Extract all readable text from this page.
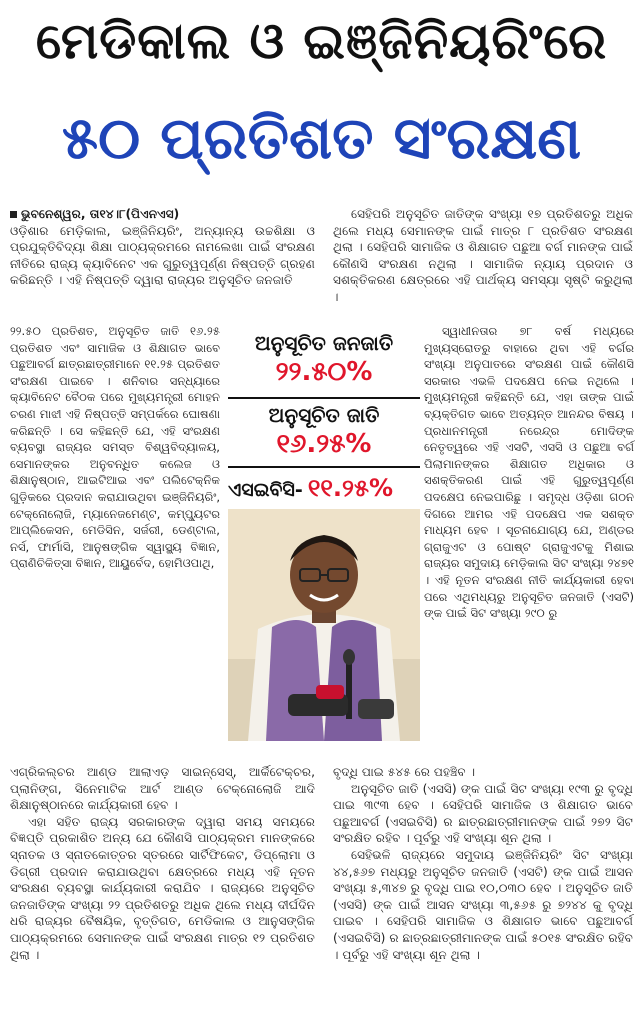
ମେଡିକାଲ ଓ ଇଞ୍ଜିନିୟରିଂରେ
୫୦ ପ୍ରତିଶତ ସଂରକ୍ଷଣ

ଭୁବନେଶ୍ୱର, ତା୧୪।୮(ପିଏନଏସ)

ଓଡ଼ିଶାର ମେଡ଼ିକାଲ, ଇଞ୍ଜିନିୟରିଂ, ଅନ୍ୟାନ୍ୟ ଉଚ୍ଚଶିକ୍ଷା ଓ ପ୍ରଯୁକ୍ତିବିଦ୍ୟା ଶିକ୍ଷା ପାଠ୍ୟକ୍ରମରେ ନାମଲେଖା ପାଇଁ ସଂରକ୍ଷଣ ନୀତିରେ ରାଜ୍ୟ କ୍ୟାବିନେଟ ଏକ ଗୁରୁତ୍ୱପୂର୍ଣ୍ଣ ନିଷ୍ପତ୍ତି ଗ୍ରହଣ କରିଛନ୍ତି । ଏହି ନିଷ୍ପତ୍ତି ଦ୍ୱାରା ରାଜ୍ୟର ଅନୁସୂଚିତ ଜନଜାତି

୨୨.୫୦ ପ୍ରତିଶତ, ଅନୁସୂଚିତ ଜାତି ୧୬.୨୫ ପ୍ରତିଶତ ଏବଂ ସାମାଜିକ ଓ ଶିକ୍ଷାଗତ ଭାବେ ପଛୁଆବର୍ଗ ଛାତ୍ରଛାତ୍ରୀମାନେ ୧୧.୨୫ ପ୍ରତିଶତ ସଂରକ୍ଷଣ ପାଇବେ । ଶନିବାର ସନ୍ଧ୍ୟାରେ କ୍ୟାବିନେଟ ବୈଠକ ପରେ ମୁଖ୍ୟମନ୍ତ୍ରୀ ମୋହନ ଚରଣ ମାଝୀ ଏହି ନିଷ୍ପତ୍ତି ସମ୍ପର୍କରେ ଘୋଷଣା କରିଛନ୍ତି । ସେ କହିଛନ୍ତି ଯେ, ଏହି ସଂରକ୍ଷଣ ବ୍ୟବସ୍ଥା ରାଜ୍ୟର ସମସ୍ତ ବିଶ୍ୱବିଦ୍ୟାଳୟ, ସେମାନଙ୍କର ଅନୁବନ୍ଧିତ କଲେଜ ଓ ଶିକ୍ଷାନୁଷ୍ଠାନ, ଆଇଟିଆଇ ଏବଂ ପଲିଟେକ୍ନିକ ଗୁଡ଼ିକରେ ପ୍ରଦାନ କରାଯାଉଥିବା ଇଞ୍ଜିନିୟରିଂ, ଟେକ୍ନୋଲୋଜି, ମ୍ୟାନେଜମେଣ୍ଟ, କମ୍ପ୍ୟୁଟର ଆପ୍ଲିକେସନ, ମେଡିସିନ, ସର୍ଜରୀ, ଡେଣ୍ଟାଲ, ନର୍ସ, ଫାର୍ମାସି, ଆନୁଷଙ୍ଗିକ ସ୍ୱାସ୍ଥ୍ୟ ବିଜ୍ଞାନ, ପ୍ରାଣିଚିକିତ୍ସା ବିଜ୍ଞାନ, ଆୟୁର୍ବେଦ, ହୋମିଓପାଥି,

ଏଗ୍ରିକଲ୍ଚର ଆଣ୍ଡ ଆଲାଏଡ଼ ସାଇନ୍ସେସ୍, ଆର୍କିଟେକ୍ଚର, ପ୍ଲାନିଙ୍ଗ, ସିନେମାଟିକ ଆର୍ଟ ଆଣ୍ଡ ଟେକ୍ନୋଲୋଜି ଆଦି ଶିକ୍ଷାନୁଷ୍ଠାନରେ କାର୍ଯ୍ୟକାରୀ ହେବ ।

ଏହା ସହିତ ରାଜ୍ୟ ସରକାରଙ୍କ ଦ୍ୱାରା ସମୟ ସମୟରେ ବିଜ୍ଞପ୍ତି ପ୍ରକାଶିତ ଅନ୍ୟ ଯେ କୌଣସି ପାଠ୍ୟକ୍ରମ ମାନଙ୍କରେ ସ୍ନାତକ ଓ ସ୍ନାତକୋତ୍ତର ସ୍ତରରେ ସାର୍ଟିଫିକେଟ, ଡିପ୍ଲୋମା ଓ ଡିଗ୍ରୀ ପ୍ରଦାନ କରାଯାଉଥିବା କ୍ଷେତ୍ରରେ ମଧ୍ୟ ଏହି ନୂତନ ସଂରକ୍ଷଣ ବ୍ୟବସ୍ଥା କାର୍ଯ୍ୟକାରୀ କରାଯିବ । ରାଜ୍ୟରେ ଅନୁସୂଚିତ ଜନଜାତିଙ୍କ ସଂଖ୍ୟା ୨୨ ପ୍ରତିଶତରୁ ଅଧିକ ଥିଲେ ମଧ୍ୟ ଦୀର୍ଘଦିନ ଧରି ରାଜ୍ୟର ବୈଷୟିକ, ବୃତ୍ତିଗତ, ମେଡିକାଲ ଓ ଆନୁସଙ୍ଗିକ ପାଠ୍ୟକ୍ରମରେ ସେମାନଙ୍କ ପାଇଁ ସଂରକ୍ଷଣ ମାତ୍ର ୧୨ ପ୍ରତିଶତ ଥିଲା ।

ସେହିପରି ଅନୁସୂଚିତ ଜାତିଙ୍କ ସଂଖ୍ୟା ୧୭ ପ୍ରତିଶତରୁ ଅଧିକ ଥିଲେ ମଧ୍ୟ ସେମାନଙ୍କ ପାଇଁ ମାତ୍ର ୮ ପ୍ରତିଶତ ସଂରକ୍ଷଣ ଥିଲା । ସେହିପରି ସାମାଜିକ ଓ ଶିକ୍ଷାଗତ ପଛୁଆ ବର୍ଗ ମାନଙ୍କ ପାଇଁ କୌଣସି ସଂରକ୍ଷଣ ନଥିଲା । ସାମାଜିକ ନ୍ୟାୟ ପ୍ରଦାନ ଓ ସଶକ୍ତିକରଣ କ୍ଷେତ୍ରରେ ଏହି ପାର୍ଥକ୍ୟ ସମସ୍ୟା ସୃଷ୍ଟି କରୁଥିଲା ।

ସ୍ୱାଧୀନତାର ୭୮ ବର୍ଷ ମଧ୍ୟରେ ମୁଖ୍ୟସ୍ରୋତରୁ ବାହାରେ ଥିବା ଏହି ବର୍ଗର ସଂଖ୍ୟା ଅନୁପାତରେ ସଂରକ୍ଷଣ ପାଇଁ କୌଣସି ସରକାର ଏଭଳି ପଦକ୍ଷେପ ନେଇ ନଥିଲେ । ମୁଖ୍ୟମନ୍ତ୍ରୀ କହିଛନ୍ତି ଯେ, ଏହା ତାଙ୍କ ପାଇଁ ବ୍ୟକ୍ତିଗତ ଭାବେ ଅତ୍ୟନ୍ତ ଆନନ୍ଦର ବିଷୟ । ପ୍ରଧାନମନ୍ତ୍ରୀ ନରେନ୍ଦ୍ର ମୋଦିଙ୍କ ନେତୃତ୍ୱରେ ଏହି ଏସଟି, ଏସସି ଓ ପଛୁଆ ବର୍ଗ ପିଲାମାନଙ୍କର ଶିକ୍ଷାଗତ ଅଧିକାର ଓ ସଶକ୍ତିକରଣ ପାଇଁ ଏହି ଗୁରୁତ୍ୱପୂର୍ଣ୍ଣ ପଦକ୍ଷେପ ନେଇପାରିଛୁ । ସମୃଦ୍ଧ ଓଡ଼ିଶା ଗଠନ ଦିଗରେ ଆମର ଏହି ପଦକ୍ଷେପ ଏକ ସଶକ୍ତ ମାଧ୍ୟମ ହେବ । ସୂଚନାଯୋଗ୍ୟ ଯେ, ଅଣ୍ଡର ଗ୍ରାଜୁଏଟ ଓ ପୋଷ୍ଟ ଗ୍ରାଜୁଏଟକୁ ମିଶାଇ ରାଜ୍ୟର ସମୁଦାୟ ମେଡ଼ିକାଲ ସିଟ ସଂଖ୍ୟା ୨୪୭୧ । ଏହି ନୂତନ ସଂରକ୍ଷଣ ନୀତି କାର୍ଯ୍ୟକାରୀ ହେବା ପରେ ଏଥିମଧ୍ୟରୁ ଅନୁସୂଚିତ ଜନଜାତି (ଏସଟି) ଙ୍କ ପାଇଁ ସିଟ ସଂଖ୍ୟା ୨୯୦ ରୁ

ବୃଦ୍ଧି ପାଇ ୫୪୫ ରେ ପହଞ୍ଚିବ ।

ଅନୁସୂଚିତ ଜାତି (ଏସସି) ଙ୍କ ପାଇଁ ସିଟ ସଂଖ୍ୟା ୧୯୩ ରୁ ବୃଦ୍ଧି ପାଇ ୩୯୩ ହେବ । ସେହିପରି ସାମାଜିକ ଓ ଶିକ୍ଷାଗତ ଭାବେ ପଛୁଆବର୍ଗ (ଏସଇବିସି) ର ଛାତ୍ରଛାତ୍ରୀମାନଙ୍କ ପାଇଁ ୨୭୨ ସିଟ ସଂରକ୍ଷିତ ରହିବ । ପୂର୍ବରୁ ଏହି ସଂଖ୍ୟା ଶୂନ ଥିଲା ।

ସେହିଭଳି ରାଜ୍ୟରେ ସମୁଦାୟ ଇଞ୍ଜିନିୟରିଂ ସିଟ ସଂଖ୍ୟା ୪୪,୫୬୭ ମଧ୍ୟରୁ ଅନୁସୂଚିତ ଜନଜାତି (ଏସଟି) ଙ୍କ ପାଇଁ ଆସନ ସଂଖ୍ୟା ୫,୩୪୭ ରୁ ବୃଦ୍ଧି ପାଇ ୧୦,୦୩୦ ହେବ । ଅନୁସୂଚିତ ଜାତି (ଏସସି) ଙ୍କ ପାଇଁ ଆସନ ସଂଖ୍ୟା ୩,୫୬୫ ରୁ ୭୨୪୪ କୁ ବୃଦ୍ଧି ପାଇବ । ସେହିପରି ସାମାଜିକ ଓ ଶିକ୍ଷାଗତ ଭାବେ ପଛୁଆବର୍ଗ (ଏସଇବିସି) ର ଛାତ୍ରଛାତ୍ରୀମାନଙ୍କ ପାଇଁ ୫୦୧୫ ସଂରକ୍ଷିତ ରହିବ । ପୂର୍ବରୁ ଏହି ସଂଖ୍ୟା ଶୂନ ଥିଲା ।

ଅନୁସୂଚିତ ଜନଜାତି
୨୨.୫୦%
ଅନୁସୂଚିତ ଜାତି
୧୬.୨୫%
ଏସଇବିସି- ୧୧.୨୫%
